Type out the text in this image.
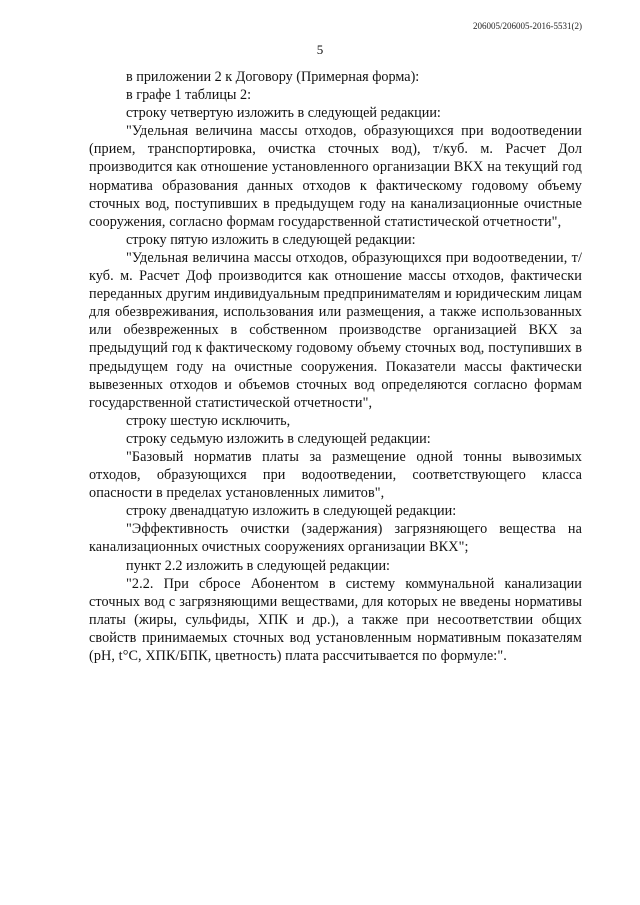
206005/206005-2016-5531(2)
5

в приложении 2 к Договору (Примерная форма):

в графе 1 таблицы 2:

строку четвертую изложить в следующей редакции:

"Удельная величина массы отходов, образующихся при водоотведении (прием, транспортировка, очистка сточных вод), т/куб. м. Расчет Дол производится как отношение установленного организации ВКХ на текущий год норматива образования данных отходов к фактическому годовому объему сточных вод, поступивших в предыдущем году на канализационные очистные сооружения, согласно формам государственной статистической отчетности",

строку пятую изложить в следующей редакции:

"Удельная величина массы отходов, образующихся при водоотведении, т/куб. м. Расчет Доф производится как отношение массы отходов, фактически переданных другим индивидуальным предпринимателям и юридическим лицам для обезвреживания, использования или размещения, а также использованных или обезвреженных в собственном производстве организацией ВКХ за предыдущий год к фактическому годовому объему сточных вод, поступивших в предыдущем году на очистные сооружения. Показатели массы фактически вывезенных отходов и объемов сточных вод определяются согласно формам государственной статистической отчетности",

строку шестую исключить,

строку седьмую изложить в следующей редакции:

"Базовый норматив платы за размещение одной тонны вывозимых отходов, образующихся при водоотведении, соответствующего класса опасности в пределах установленных лимитов",

строку двенадцатую изложить в следующей редакции:

"Эффективность очистки (задержания) загрязняющего вещества на канализационных очистных сооружениях организации ВКХ";

пункт 2.2 изложить в следующей редакции:

"2.2. При сбросе Абонентом в систему коммунальной канализации сточных вод с загрязняющими веществами, для которых не введены нормативы платы (жиры, сульфиды, ХПК и др.), а также при несоответствии общих свойств принимаемых сточных вод установленным нормативным показателям (рН, t°С, ХПК/БПК, цветность) плата рассчитывается по формуле:".
